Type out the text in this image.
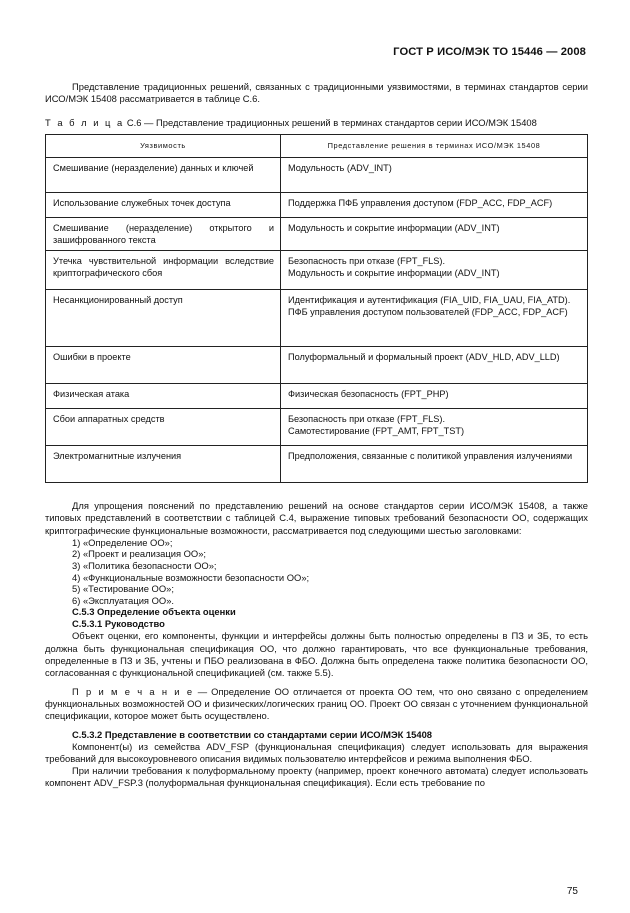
ГОСТ Р ИСО/МЭК ТО 15446 — 2008
Представление традиционных решений, связанных с традиционными уязвимостями, в терминах стандартов серии ИСО/МЭК 15408 рассматривается в таблице С.6.
Т а б л и ц а С.6 — Представление традиционных решений в терминах стандартов серии ИСО/МЭК 15408
Уязвимость	Представление решения в терминах ИСО/МЭК 15408
Смешивание (неразделение) данных и ключей	Модульность (ADV_INT)
Использование служебных точек доступа	Поддержка ПФБ управления доступом (FDP_ACC, FDP_ACF)
Смешивание (неразделение) открытого и зашифрованного текста	Модульность и сокрытие информации (ADV_INT)
Утечка чувствительной информации вследствие криптографического сбоя	Безопасность при отказе (FPT_FLS).
Модульность и сокрытие информации (ADV_INT)
Несанкционированный доступ	Идентификация и аутентификация (FIA_UID, FIA_UAU, FIA_ATD).
ПФБ управления доступом пользователей (FDP_ACC, FDP_ACF)
Ошибки в проекте	Полуформальный и формальный проект (ADV_HLD, ADV_LLD)
Физическая атака	Физическая безопасность (FPT_PHP)
Сбои аппаратных средств	Безопасность при отказе (FPT_FLS).
Самотестирование (FPT_AMT, FPT_TST)
Электромагнитные излучения	Предположения, связанные с политикой управления излучениями
Для упрощения пояснений по представлению решений на основе стандартов серии ИСО/МЭК 15408, а также типовых представлений в соответствии с таблицей С.4, выражение типовых требований безопасности ОО, содержащих криптографические функциональные возможности, рассматривается под следующими шестью заголовками:
1) «Определение ОО»;
2) «Проект и реализация ОО»;
3) «Политика безопасности ОО»;
4) «Функциональные возможности безопасности ОО»;
5) «Тестирование ОО»;
6) «Эксплуатация ОО».
С.5.3 Определение объекта оценки
С.5.3.1 Руководство
Объект оценки, его компоненты, функции и интерфейсы должны быть полностью определены в ПЗ и ЗБ, то есть должна быть функциональная спецификация ОО, что должно гарантировать, что все функциональные требования, определенные в ПЗ и ЗБ, учтены и ПБО реализована в ФБО. Должна быть определена также политика безопасности ОО, согласованная с функциональной спецификацией (см. также 5.5).
П р и м е ч а н и е — Определение ОО отличается от проекта ОО тем, что оно связано с определением функциональных возможностей ОО и физических/логических границ ОО. Проект ОО связан с уточнением функциональной спецификации, которое может быть осуществлено.
С.5.3.2 Представление в соответствии со стандартами серии ИСО/МЭК 15408
Компонент(ы) из семейства ADV_FSP (функциональная спецификация) следует использовать для выражения требований для высокоуровневого описания видимых пользователю интерфейсов и режима выполнения ФБО.
При наличии требования к полуформальному проекту (например, проект конечного автомата) следует использовать компонент ADV_FSP.3 (полуформальная функциональная спецификация). Если есть требование по
75
